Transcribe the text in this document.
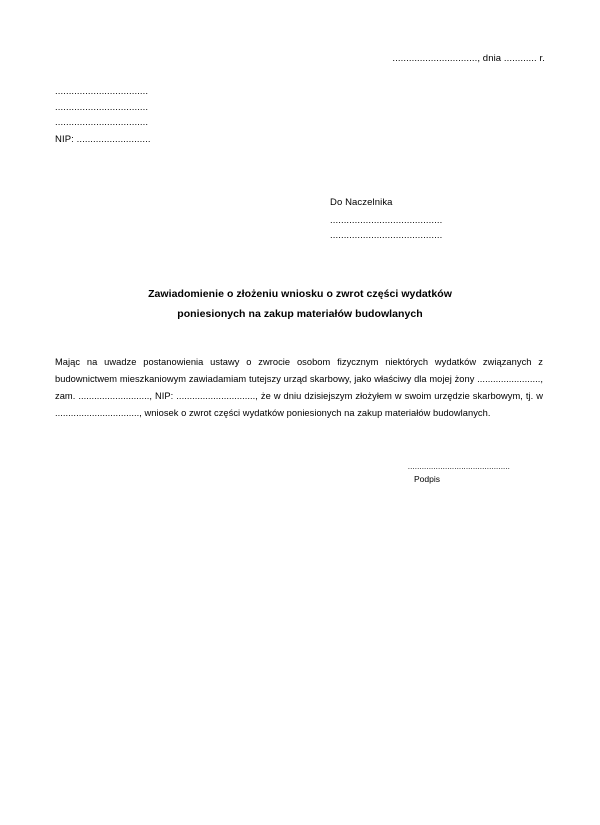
..............................., dnia ............ r.
..................................
..................................
..................................
NIP: ...........................
Do Naczelnika
.........................................
.........................................
Zawiadomienie o złożeniu wniosku o zwrot części wydatków
poniesionych na zakup materiałów budowlanych
Mając na uwadze postanowienia ustawy o zwrocie osobom fizycznym niektórych wydatków związanych z budownictwem mieszkaniowym zawiadamiam tutejszy urząd skarbowy, jako właściwy dla mojej żony ........................, zam. ..........................., NIP: .............................., że w dniu dzisiejszym złożyłem w swoim urzędzie skarbowym, tj. w ................................, wniosek o zwrot części wydatków poniesionych na zakup materiałów budowlanych.
............................................
Podpis
